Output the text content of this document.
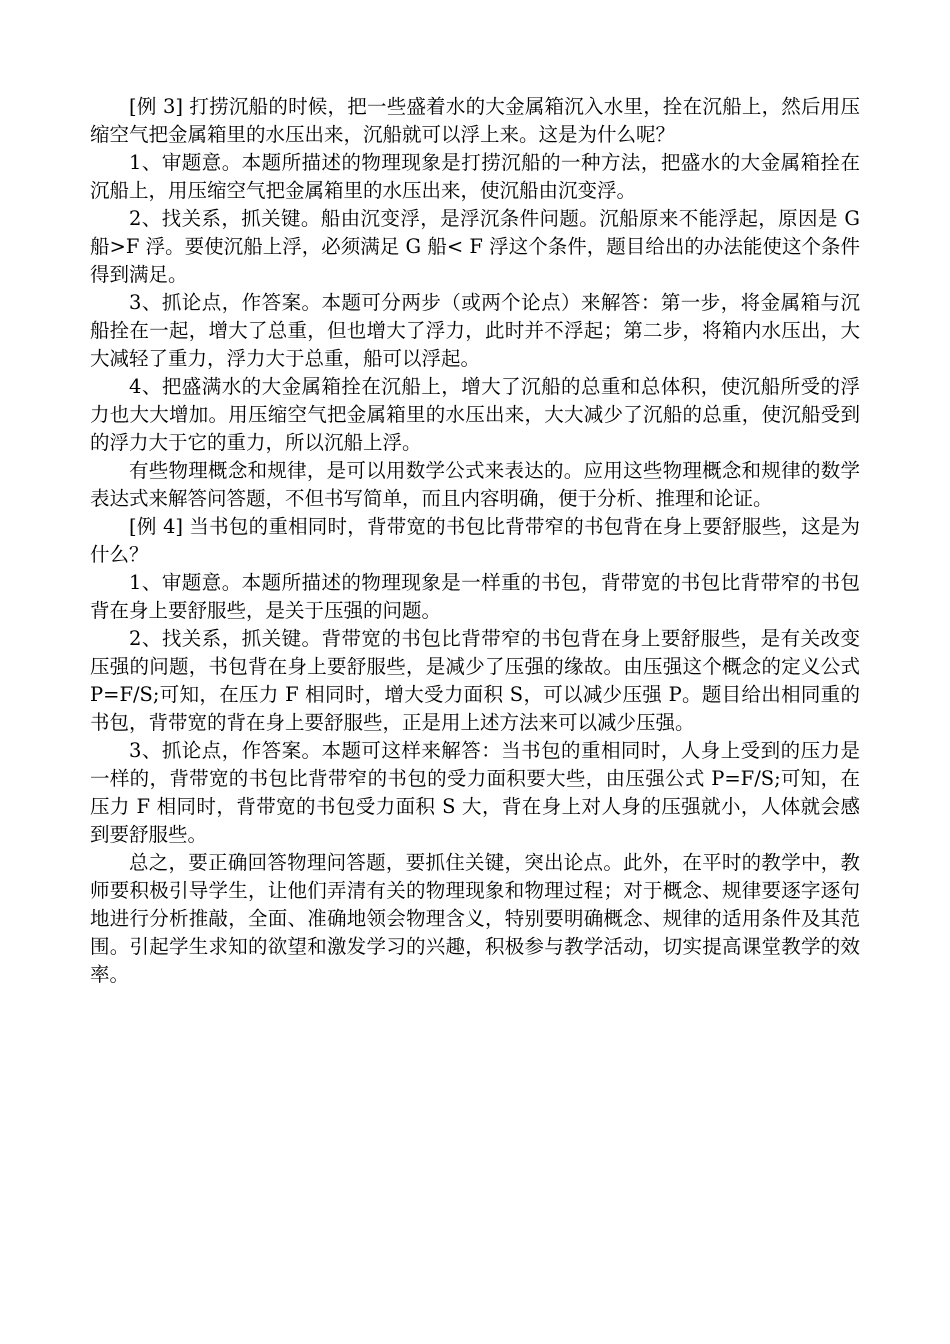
[例 3] 打捞沉船的时候，把一些盛着水的大金属箱沉入水里，拴在沉船上，然后用压缩空气把金属箱里的水压出来，沉船就可以浮上来。这是为什么呢？

1、审题意。本题所描述的物理现象是打捞沉船的一种方法，把盛水的大金属箱拴在沉船上，用压缩空气把金属箱里的水压出来，使沉船由沉变浮。

2、找关系，抓关键。船由沉变浮，是浮沉条件问题。沉船原来不能浮起，原因是 G 船>F 浮。要使沉船上浮，必须满足 G 船< F 浮这个条件，题目给出的办法能使这个条件得到满足。

3、抓论点，作答案。本题可分两步（或两个论点）来解答：第一步，将金属箱与沉船拴在一起，增大了总重，但也增大了浮力，此时并不浮起；第二步，将箱内水压出，大大减轻了重力，浮力大于总重，船可以浮起。

4、把盛满水的大金属箱拴在沉船上，增大了沉船的总重和总体积，使沉船所受的浮力也大大增加。用压缩空气把金属箱里的水压出来，大大减少了沉船的总重，使沉船受到的浮力大于它的重力，所以沉船上浮。

有些物理概念和规律，是可以用数学公式来表达的。应用这些物理概念和规律的数学表达式来解答问答题，不但书写简单，而且内容明确，便于分析、推理和论证。

[例 4] 当书包的重相同时，背带宽的书包比背带窄的书包背在身上要舒服些，这是为什么？

1、审题意。本题所描述的物理现象是一样重的书包，背带宽的书包比背带窄的书包背在身上要舒服些，是关于压强的问题。

2、找关系，抓关键。背带宽的书包比背带窄的书包背在身上要舒服些，是有关改变压强的问题，书包背在身上要舒服些，是减少了压强的缘故。由压强这个概念的定义公式 P=F/S;可知，在压力 F 相同时，增大受力面积 S，可以减少压强 P。题目给出相同重的书包，背带宽的背在身上要舒服些，正是用上述方法来可以减少压强。

3、抓论点，作答案。本题可这样来解答：当书包的重相同时，人身上受到的压力是一样的，背带宽的书包比背带窄的书包的受力面积要大些，由压强公式 P=F/S;可知，在压力 F 相同时，背带宽的书包受力面积 S 大，背在身上对人身的压强就小，人体就会感到要舒服些。

总之，要正确回答物理问答题，要抓住关键，突出论点。此外，在平时的教学中，教师要积极引导学生，让他们弄清有关的物理现象和物理过程；对于概念、规律要逐字逐句地进行分析推敲，全面、准确地领会物理含义，特别要明确概念、规律的适用条件及其范围。引起学生求知的欲望和激发学习的兴趣，积极参与教学活动，切实提高课堂教学的效率。
